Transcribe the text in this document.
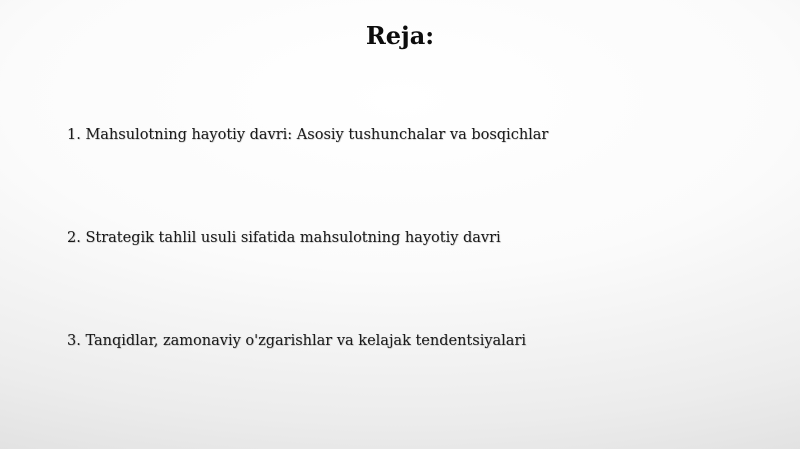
Reja:
1. Mahsulotning hayotiy davri: Asosiy tushunchalar va bosqichlar
2. Strategik tahlil usuli sifatida mahsulotning hayotiy davri
3. Tanqidlar, zamonaviy o'zgarishlar va kelajak tendentsiyalari
